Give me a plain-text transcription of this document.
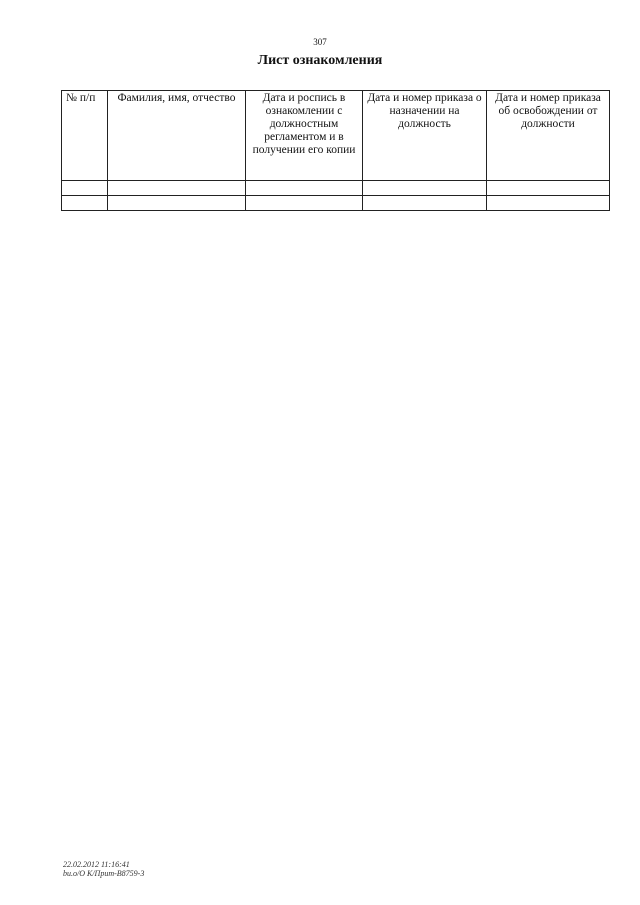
307
Лист ознакомления
№ п/п	Фамилия, имя, отчество	Дата и роспись в ознакомлении с должностным регламентом и в получении его копии	Дата и номер приказа о назначении на должность	Дата и номер приказа об освобождении от должности

22.02.2012 11:16:41
bu.o/O K/Прит-В8759-3
